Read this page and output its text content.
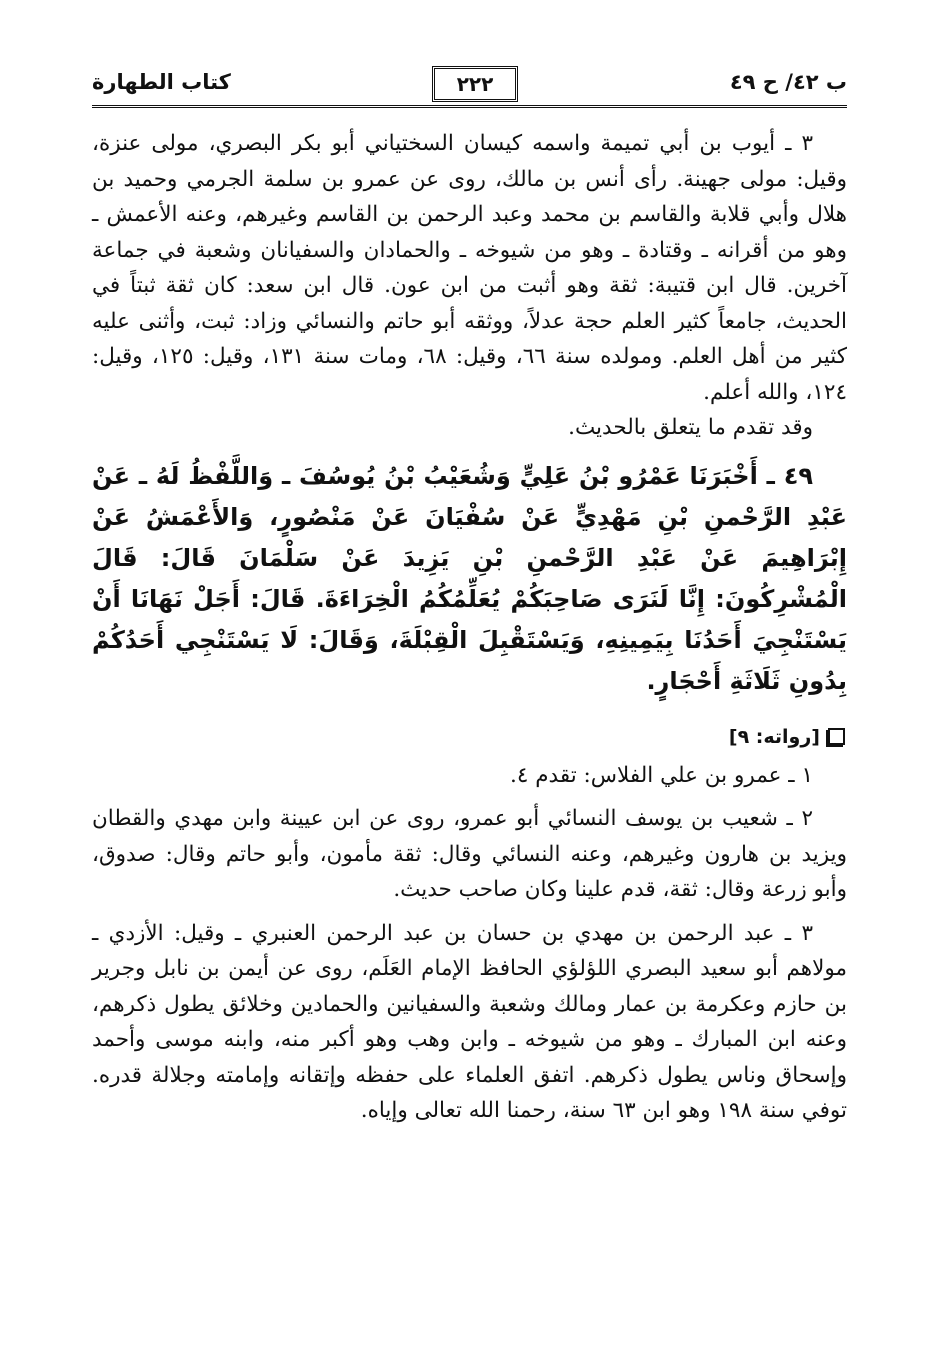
ب ٤٢/ ح ٤٩
٢٢٢
كتاب الطهارة

٣ ـ أيوب بن أبي تميمة واسمه كيسان السختياني أبو بكر البصري، مولى عنزة، وقيل: مولى جهينة. رأى أنس بن مالك، روى عن عمرو بن سلمة الجرمي وحميد بن هلال وأبي قلابة والقاسم بن محمد وعبد الرحمن بن القاسم وغيرهم، وعنه الأعمش ـ وهو من أقرانه ـ وقتادة ـ وهو من شيوخه ـ والحمادان والسفيانان وشعبة في جماعة آخرين. قال ابن قتيبة: ثقة وهو أثبت من ابن عون. قال ابن سعد: كان ثقة ثبتاً في الحديث، جامعاً كثير العلم حجة عدلاً، ووثقه أبو حاتم والنسائي وزاد: ثبت، وأثنى عليه كثير من أهل العلم. ومولده سنة ٦٦، وقيل: ٦٨، ومات سنة ١٣١، وقيل: ١٢٥، وقيل: ١٢٤، والله أعلم.

وقد تقدم ما يتعلق بالحديث.

٤٩ ـ أَخْبَرَنَا عَمْرُو بْنُ عَلِيٍّ وَشُعَيْبُ بْنُ يُوسُفَ ـ وَاللَّفْظُ لَهُ ـ عَنْ عَبْدِ الرَّحْمنِ بْنِ مَهْدِيٍّ عَنْ سُفْيَانَ عَنْ مَنْصُورٍ، وَالأَعْمَشُ عَنْ إِبْرَاهِيمَ عَنْ عَبْدِ الرَّحْمنِ بْنِ يَزِيدَ عَنْ سَلْمَانَ قَالَ: قَالَ الْمُشْرِكُونَ: إِنَّا لَنَرَى صَاحِبَكُمْ يُعَلِّمُكُمُ الْخِرَاءَةَ. قَالَ: أَجَلْ نَهَانَا أَنْ يَسْتَنْجِيَ أَحَدُنَا بِيَمِينِهِ، وَيَسْتَقْبِلَ الْقِبْلَةَ، وَقَالَ: لَا يَسْتَنْجِي أَحَدُكُمْ بِدُونِ ثَلَاثَةِ أَحْجَارٍ.

[رواته: ٩]

١ ـ عمرو بن علي الفلاس: تقدم ٤.

٢ ـ شعيب بن يوسف النسائي أبو عمرو، روى عن ابن عيينة وابن مهدي والقطان ويزيد بن هارون وغيرهم، وعنه النسائي وقال: ثقة مأمون، وأبو حاتم وقال: صدوق، وأبو زرعة وقال: ثقة، قدم علينا وكان صاحب حديث.

٣ ـ عبد الرحمن بن مهدي بن حسان بن عبد الرحمن العنبري ـ وقيل: الأزدي ـ مولاهم أبو سعيد البصري اللؤلؤي الحافظ الإمام العَلَم، روى عن أيمن بن نابل وجرير بن حازم وعكرمة بن عمار ومالك وشعبة والسفيانين والحمادين وخلائق يطول ذكرهم، وعنه ابن المبارك ـ وهو من شيوخه ـ وابن وهب وهو أكبر منه، وابنه موسى وأحمد وإسحاق وناس يطول ذكرهم. اتفق العلماء على حفظه وإتقانه وإمامته وجلالة قدره. توفي سنة ١٩٨ وهو ابن ٦٣ سنة، رحمنا الله تعالى وإياه.
